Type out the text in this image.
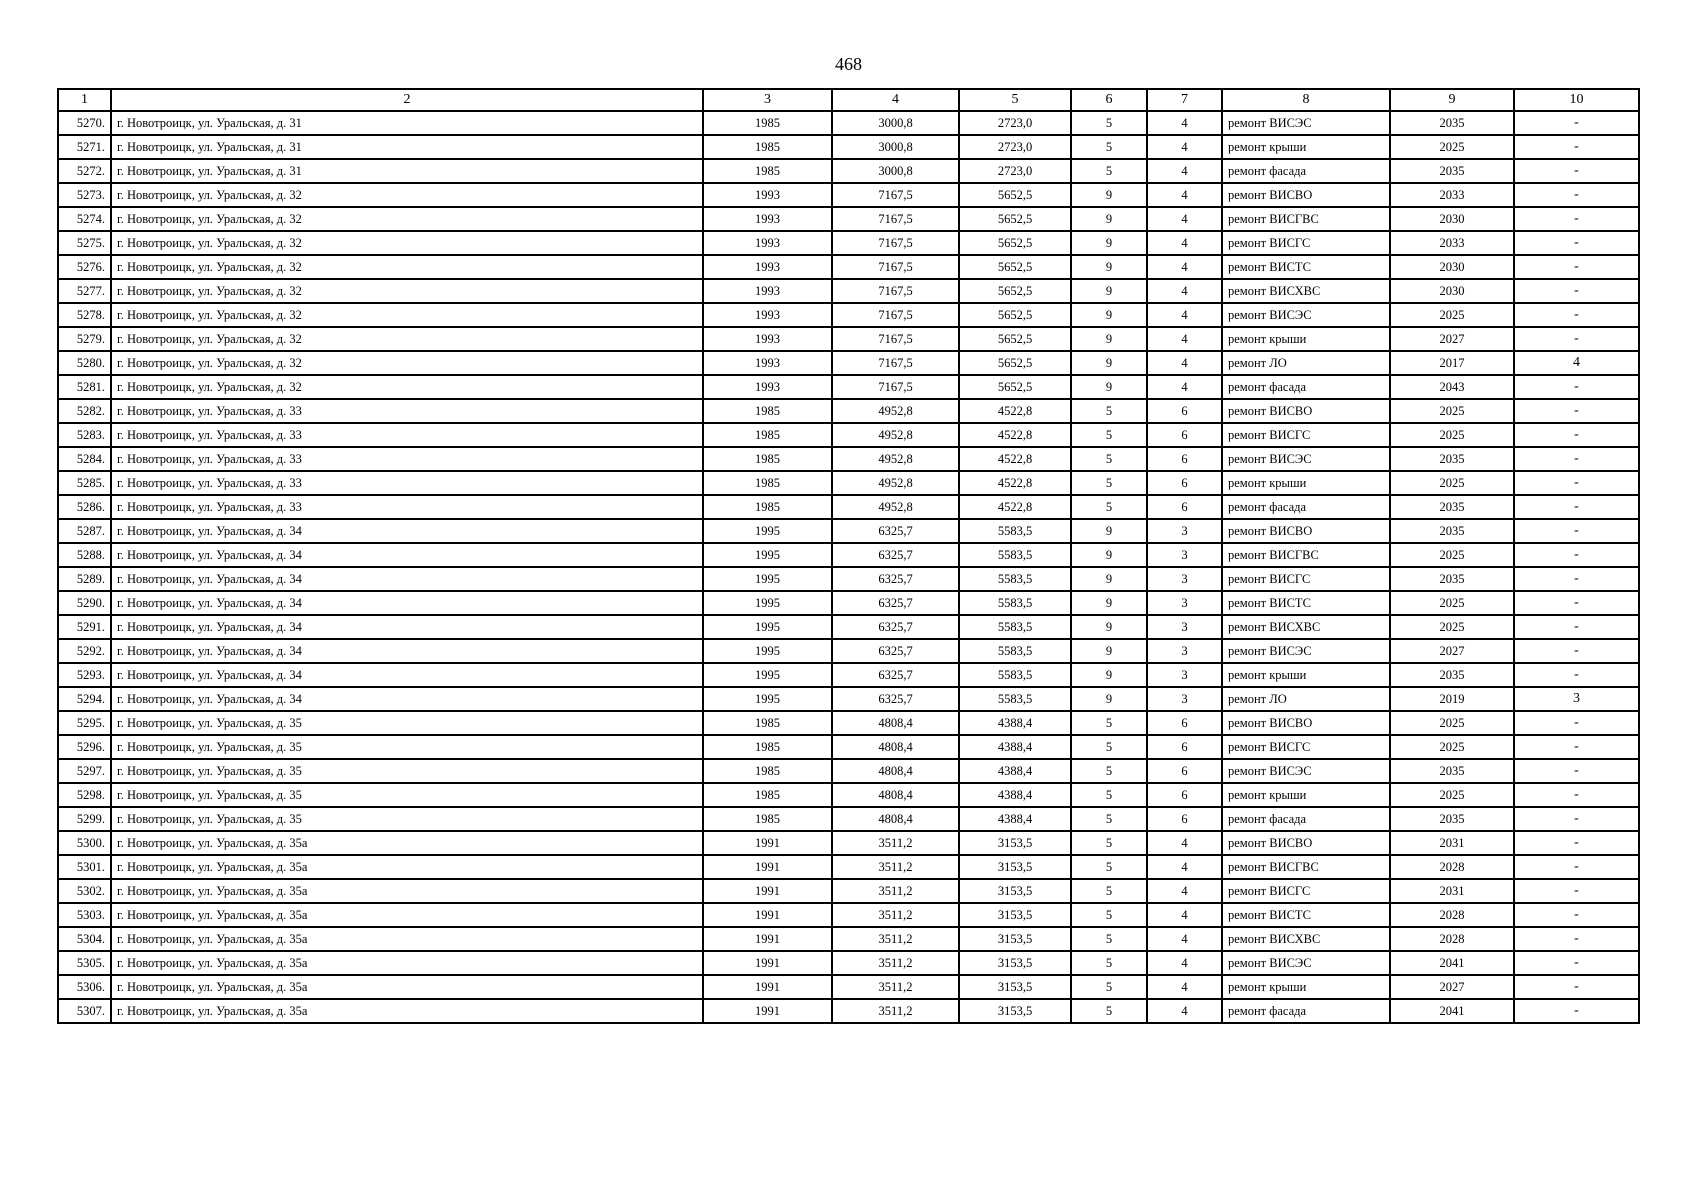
468
1	2	3	4	5	6	7	8	9	10
5270.	г. Новотроицк, ул. Уральская, д. 31	1985	3000,8	2723,0	5	4	ремонт ВИСЭС	2035	-
5271.	г. Новотроицк, ул. Уральская, д. 31	1985	3000,8	2723,0	5	4	ремонт крыши	2025	-
5272.	г. Новотроицк, ул. Уральская, д. 31	1985	3000,8	2723,0	5	4	ремонт фасада	2035	-
5273.	г. Новотроицк, ул. Уральская, д. 32	1993	7167,5	5652,5	9	4	ремонт ВИСВО	2033	-
5274.	г. Новотроицк, ул. Уральская, д. 32	1993	7167,5	5652,5	9	4	ремонт ВИСГВС	2030	-
5275.	г. Новотроицк, ул. Уральская, д. 32	1993	7167,5	5652,5	9	4	ремонт ВИСГС	2033	-
5276.	г. Новотроицк, ул. Уральская, д. 32	1993	7167,5	5652,5	9	4	ремонт ВИСТС	2030	-
5277.	г. Новотроицк, ул. Уральская, д. 32	1993	7167,5	5652,5	9	4	ремонт ВИСХВС	2030	-
5278.	г. Новотроицк, ул. Уральская, д. 32	1993	7167,5	5652,5	9	4	ремонт ВИСЭС	2025	-
5279.	г. Новотроицк, ул. Уральская, д. 32	1993	7167,5	5652,5	9	4	ремонт крыши	2027	-
5280.	г. Новотроицк, ул. Уральская, д. 32	1993	7167,5	5652,5	9	4	ремонт ЛО	2017	4
5281.	г. Новотроицк, ул. Уральская, д. 32	1993	7167,5	5652,5	9	4	ремонт фасада	2043	-
5282.	г. Новотроицк, ул. Уральская, д. 33	1985	4952,8	4522,8	5	6	ремонт ВИСВО	2025	-
5283.	г. Новотроицк, ул. Уральская, д. 33	1985	4952,8	4522,8	5	6	ремонт ВИСГС	2025	-
5284.	г. Новотроицк, ул. Уральская, д. 33	1985	4952,8	4522,8	5	6	ремонт ВИСЭС	2035	-
5285.	г. Новотроицк, ул. Уральская, д. 33	1985	4952,8	4522,8	5	6	ремонт крыши	2025	-
5286.	г. Новотроицк, ул. Уральская, д. 33	1985	4952,8	4522,8	5	6	ремонт фасада	2035	-
5287.	г. Новотроицк, ул. Уральская, д. 34	1995	6325,7	5583,5	9	3	ремонт ВИСВО	2035	-
5288.	г. Новотроицк, ул. Уральская, д. 34	1995	6325,7	5583,5	9	3	ремонт ВИСГВС	2025	-
5289.	г. Новотроицк, ул. Уральская, д. 34	1995	6325,7	5583,5	9	3	ремонт ВИСГС	2035	-
5290.	г. Новотроицк, ул. Уральская, д. 34	1995	6325,7	5583,5	9	3	ремонт ВИСТС	2025	-
5291.	г. Новотроицк, ул. Уральская, д. 34	1995	6325,7	5583,5	9	3	ремонт ВИСХВС	2025	-
5292.	г. Новотроицк, ул. Уральская, д. 34	1995	6325,7	5583,5	9	3	ремонт ВИСЭС	2027	-
5293.	г. Новотроицк, ул. Уральская, д. 34	1995	6325,7	5583,5	9	3	ремонт крыши	2035	-
5294.	г. Новотроицк, ул. Уральская, д. 34	1995	6325,7	5583,5	9	3	ремонт ЛО	2019	3
5295.	г. Новотроицк, ул. Уральская, д. 35	1985	4808,4	4388,4	5	6	ремонт ВИСВО	2025	-
5296.	г. Новотроицк, ул. Уральская, д. 35	1985	4808,4	4388,4	5	6	ремонт ВИСГС	2025	-
5297.	г. Новотроицк, ул. Уральская, д. 35	1985	4808,4	4388,4	5	6	ремонт ВИСЭС	2035	-
5298.	г. Новотроицк, ул. Уральская, д. 35	1985	4808,4	4388,4	5	6	ремонт крыши	2025	-
5299.	г. Новотроицк, ул. Уральская, д. 35	1985	4808,4	4388,4	5	6	ремонт фасада	2035	-
5300.	г. Новотроицк, ул. Уральская, д. 35а	1991	3511,2	3153,5	5	4	ремонт ВИСВО	2031	-
5301.	г. Новотроицк, ул. Уральская, д. 35а	1991	3511,2	3153,5	5	4	ремонт ВИСГВС	2028	-
5302.	г. Новотроицк, ул. Уральская, д. 35а	1991	3511,2	3153,5	5	4	ремонт ВИСГС	2031	-
5303.	г. Новотроицк, ул. Уральская, д. 35а	1991	3511,2	3153,5	5	4	ремонт ВИСТС	2028	-
5304.	г. Новотроицк, ул. Уральская, д. 35а	1991	3511,2	3153,5	5	4	ремонт ВИСХВС	2028	-
5305.	г. Новотроицк, ул. Уральская, д. 35а	1991	3511,2	3153,5	5	4	ремонт ВИСЭС	2041	-
5306.	г. Новотроицк, ул. Уральская, д. 35а	1991	3511,2	3153,5	5	4	ремонт крыши	2027	-
5307.	г. Новотроицк, ул. Уральская, д. 35а	1991	3511,2	3153,5	5	4	ремонт фасада	2041	-
